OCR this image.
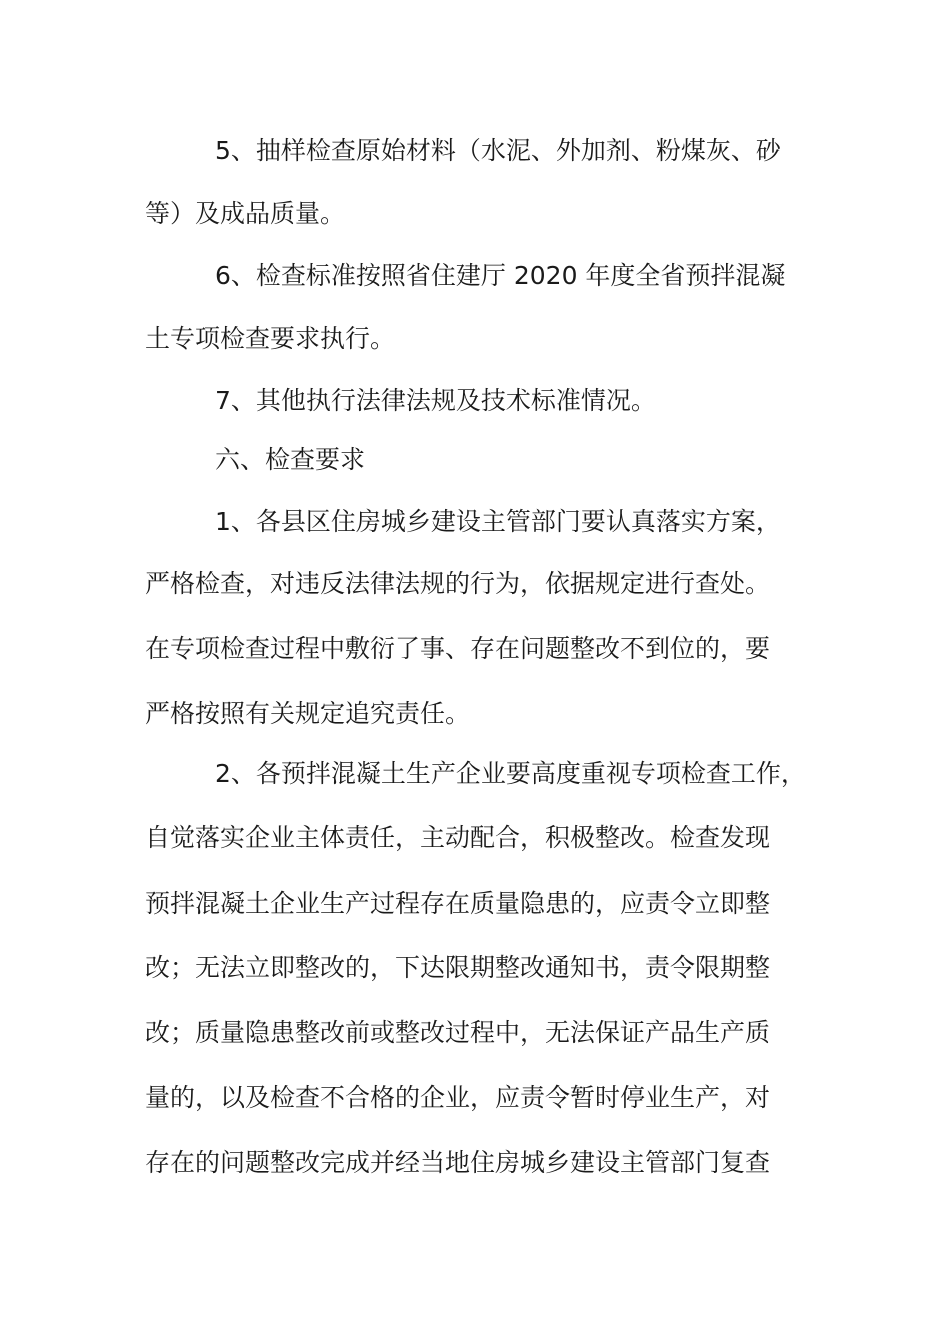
5、抽样检查原始材料（水泥、外加剂、粉煤灰、砂
等）及成品质量。
6、检查标准按照省住建厅 2020 年度全省预拌混凝
土专项检查要求执行。
7、其他执行法律法规及技术标准情况。
六、检查要求
1、各县区住房城乡建设主管部门要认真落实方案，
严格检查，对违反法律法规的行为，依据规定进行查处。
在专项检查过程中敷衍了事、存在问题整改不到位的，要
严格按照有关规定追究责任。
2、各预拌混凝土生产企业要高度重视专项检查工作，
自觉落实企业主体责任，主动配合，积极整改。检查发现
预拌混凝土企业生产过程存在质量隐患的，应责令立即整
改；无法立即整改的，下达限期整改通知书，责令限期整
改；质量隐患整改前或整改过程中，无法保证产品生产质
量的，以及检查不合格的企业，应责令暂时停业生产，对
存在的问题整改完成并经当地住房城乡建设主管部门复查
